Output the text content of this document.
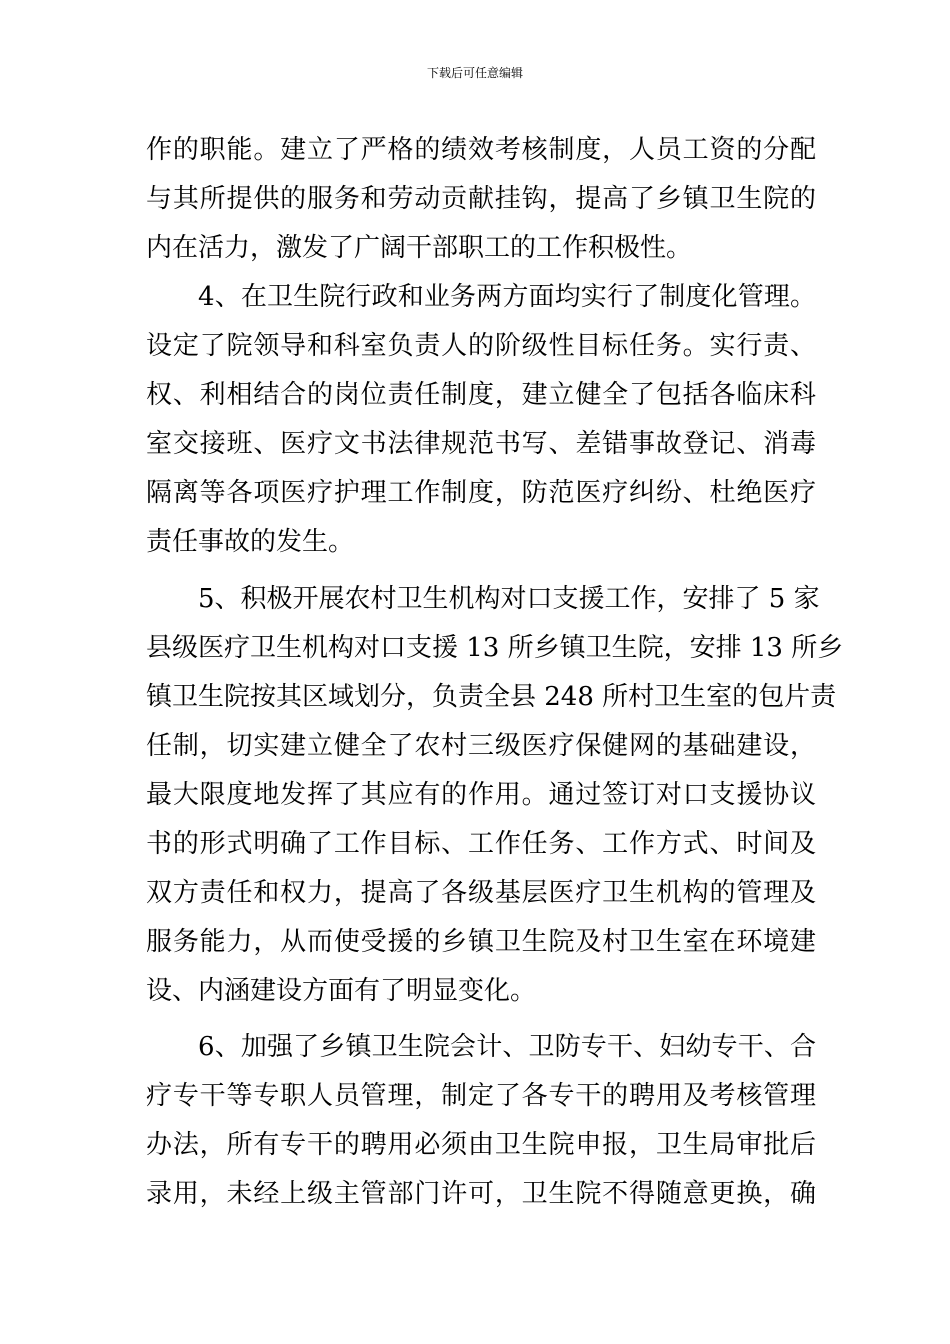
下载后可任意编辑
作的职能。建立了严格的绩效考核制度，人员工资的分配
与其所提供的服务和劳动贡献挂钩，提高了乡镇卫生院的
内在活力，激发了广阔干部职工的工作积极性。
4、在卫生院行政和业务两方面均实行了制度化管理。
设定了院领导和科室负责人的阶级性目标任务。实行责、
权、利相结合的岗位责任制度，建立健全了包括各临床科
室交接班、医疗文书法律规范书写、差错事故登记、消毒
隔离等各项医疗护理工作制度，防范医疗纠纷、杜绝医疗
责任事故的发生。
5、积极开展农村卫生机构对口支援工作，安排了 5 家
县级医疗卫生机构对口支援 13 所乡镇卫生院，安排 13 所乡
镇卫生院按其区域划分，负责全县 248 所村卫生室的包片责
任制，切实建立健全了农村三级医疗保健网的基础建设，
最大限度地发挥了其应有的作用。通过签订对口支援协议
书的形式明确了工作目标、工作任务、工作方式、时间及
双方责任和权力，提高了各级基层医疗卫生机构的管理及
服务能力，从而使受援的乡镇卫生院及村卫生室在环境建
设、内涵建设方面有了明显变化。
6、加强了乡镇卫生院会计、卫防专干、妇幼专干、合
疗专干等专职人员管理，制定了各专干的聘用及考核管理
办法，所有专干的聘用必须由卫生院申报，卫生局审批后
录用，未经上级主管部门许可，卫生院不得随意更换，确
